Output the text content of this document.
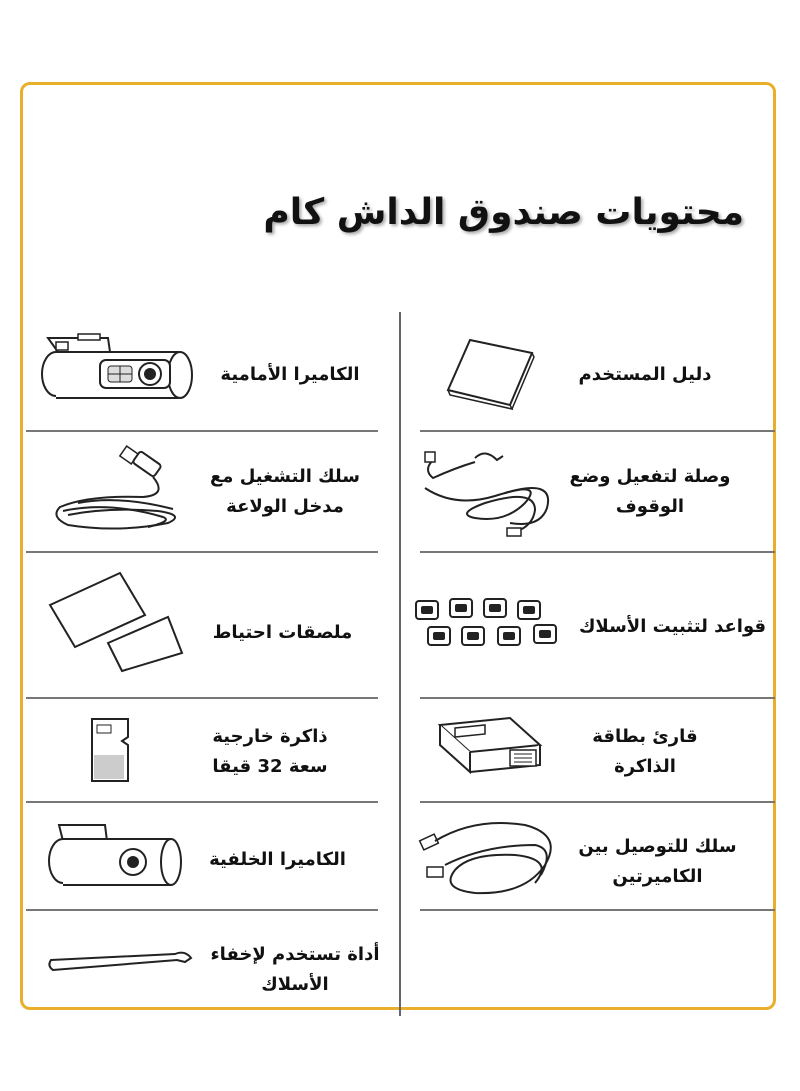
محتويات صندوق الداش كام
دليل المستخدم
الكاميرا الأمامية
وصلة لتفعيل وضع
الوقوف
سلك التشغيل مع
مدخل الولاعة
قواعد لتثبيت الأسلاك
ملصقات احتياط
قارئ بطاقة
الذاكرة
ذاكرة خارجية
سعة 32 قيقا
سلك للتوصيل بين
الكاميرتين
الكاميرا الخلفية
أداة تستخدم لإخفاء
الأسلاك
